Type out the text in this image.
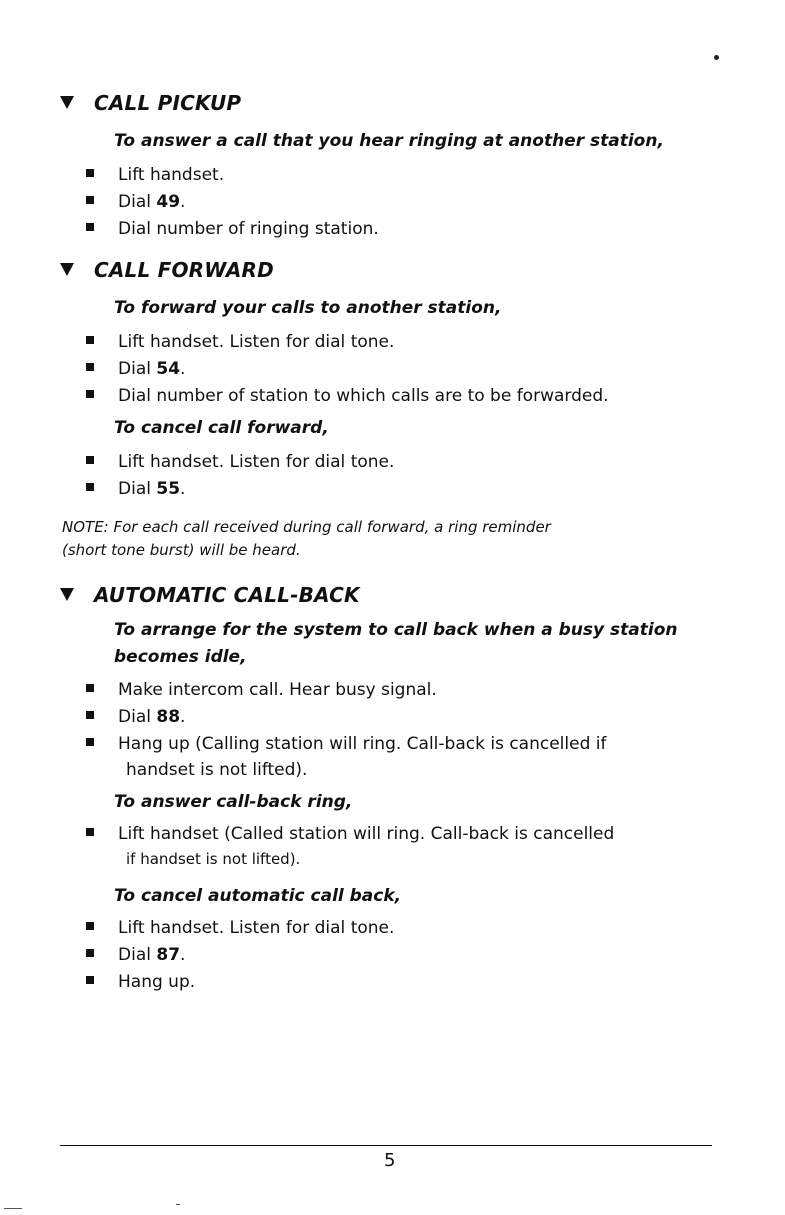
CALL PICKUP
To answer a call that you hear ringing at another station,
Lift handset.
Dial 49.
Dial number of ringing station.
CALL FORWARD
To forward your calls to another station,
Lift handset. Listen for dial tone.
Dial 54.
Dial number of station to which calls are to be forwarded.
To cancel call forward,
Lift handset. Listen for dial tone.
Dial 55.
NOTE: For each call received during call forward, a ring reminder
(short tone burst) will be heard.
AUTOMATIC CALL-BACK
To arrange for the system to call back when a busy station
becomes idle,
Make intercom call. Hear busy signal.
Dial 88.
Hang up (Calling station will ring. Call-back is cancelled if
handset is not lifted).
To answer call-back ring,
Lift handset (Called station will ring. Call-back is cancelled
if handset is not lifted).
To cancel automatic call back,
Lift handset. Listen for dial tone.
Dial 87.
Hang up.
5
